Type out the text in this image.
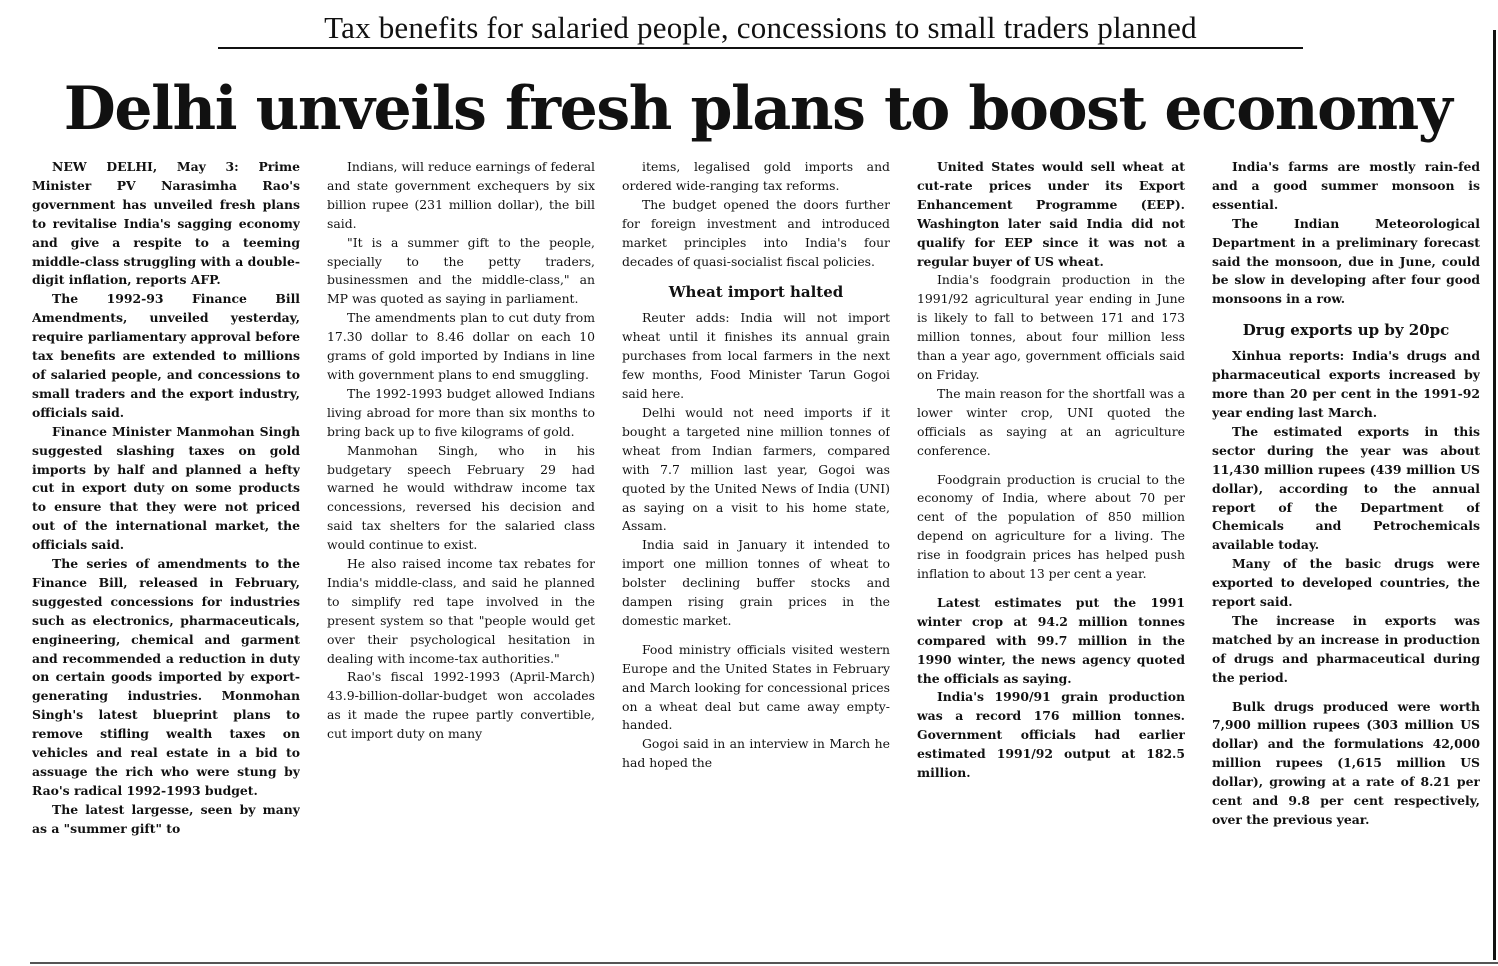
Tax benefits for salaried people, concessions to small traders planned
Delhi unveils fresh plans to boost economy

NEW DELHI, May 3: Prime Minister PV Narasimha Rao's government has unveiled fresh plans to revitalise India's sagging economy and give a respite to a teeming middle-class struggling with a double-digit inflation, reports AFP.

The 1992-93 Finance Bill Amendments, unveiled yesterday, require parliamentary approval before tax benefits are extended to millions of salaried people, and concessions to small traders and the export industry, officials said.

Finance Minister Manmohan Singh suggested slashing taxes on gold imports by half and planned a hefty cut in export duty on some products to ensure that they were not priced out of the international market, the officials said.

The series of amendments to the Finance Bill, released in February, suggested concessions for industries such as electronics, pharmaceuticals, engineering, chemical and garment and recommended a reduction in duty on certain goods imported by export-generating industries. Monmohan Singh's latest blueprint plans to remove stifling wealth taxes on vehicles and real estate in a bid to assuage the rich who were stung by Rao's radical 1992-1993 budget.

The latest largesse, seen by many as a "summer gift" to

Indians, will reduce earnings of federal and state government exchequers by six billion rupee (231 million dollar), the bill said.

"It is a summer gift to the people, specially to the petty traders, businessmen and the middle-class," an MP was quoted as saying in parliament.

The amendments plan to cut duty from 17.30 dollar to 8.46 dollar on each 10 grams of gold imported by Indians in line with government plans to end smuggling.

The 1992-1993 budget allowed Indians living abroad for more than six months to bring back up to five kilograms of gold.

Manmohan Singh, who in his budgetary speech February 29 had warned he would withdraw income tax concessions, reversed his decision and said tax shelters for the salaried class would continue to exist.

He also raised income tax rebates for India's middle-class, and said he planned to simplify red tape involved in the present system so that "people would get over their psychological hesitation in dealing with income-tax authorities."

Rao's fiscal 1992-1993 (April-March) 43.9-billion-dollar-budget won accolades as it made the rupee partly convertible, cut import duty on many

items, legalised gold imports and ordered wide-ranging tax reforms.

The budget opened the doors further for foreign investment and introduced market principles into India's four decades of quasi-socialist fiscal policies.

Wheat import halted

Reuter adds: India will not import wheat until it finishes its annual grain purchases from local farmers in the next few months, Food Minister Tarun Gogoi said here.

Delhi would not need imports if it bought a targeted nine million tonnes of wheat from Indian farmers, compared with 7.7 million last year, Gogoi was quoted by the United News of India (UNI) as saying on a visit to his home state, Assam.

India said in January it intended to import one million tonnes of wheat to bolster declining buffer stocks and dampen rising grain prices in the domestic market.

Food ministry officials visited western Europe and the United States in February and March looking for concessional prices on a wheat deal but came away empty-handed.

Gogoi said in an interview in March he had hoped the

United States would sell wheat at cut-rate prices under its Export Enhancement Programme (EEP). Washington later said India did not qualify for EEP since it was not a regular buyer of US wheat.

India's foodgrain production in the 1991/92 agricultural year ending in June is likely to fall to between 171 and 173 million tonnes, about four million less than a year ago, government officials said on Friday.

The main reason for the shortfall was a lower winter crop, UNI quoted the officials as saying at an agriculture conference.

Foodgrain production is crucial to the economy of India, where about 70 per cent of the population of 850 million depend on agriculture for a living. The rise in foodgrain prices has helped push inflation to about 13 per cent a year.

Latest estimates put the 1991 winter crop at 94.2 million tonnes compared with 99.7 million in the 1990 winter, the news agency quoted the officials as saying.

India's 1990/91 grain production was a record 176 million tonnes. Government officials had earlier estimated 1991/92 output at 182.5 million.

India's farms are mostly rain-fed and a good summer monsoon is essential.

The Indian Meteorological Department in a preliminary forecast said the monsoon, due in June, could be slow in developing after four good monsoons in a row.

Drug exports up by 20pc

Xinhua reports: India's drugs and pharmaceutical exports increased by more than 20 per cent in the 1991-92 year ending last March.

The estimated exports in this sector during the year was about 11,430 million rupees (439 million US dollar), according to the annual report of the Department of Chemicals and Petrochemicals available today.

Many of the basic drugs were exported to developed countries, the report said.

The increase in exports was matched by an increase in production of drugs and pharmaceutical during the period.

Bulk drugs produced were worth 7,900 million rupees (303 million US dollar) and the formulations 42,000 million rupees (1,615 million US dollar), growing at a rate of 8.21 per cent and 9.8 per cent respectively, over the previous year.
